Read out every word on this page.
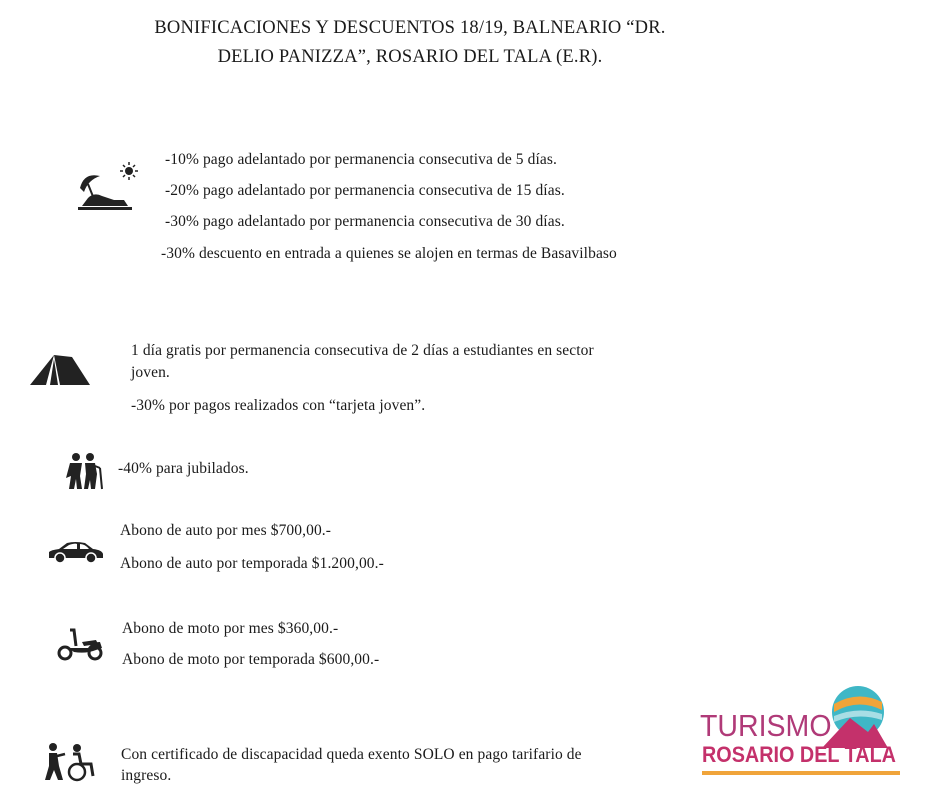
BONIFICACIONES Y DESCUENTOS 18/19, BALNEARIO “DR.
DELIO PANIZZA”, ROSARIO DEL TALA (E.R).
-10% pago adelantado por permanencia consecutiva de 5 días.
-20% pago adelantado por permanencia consecutiva de 15 días.
-30% pago adelantado por permanencia consecutiva de 30 días.
-30% descuento en entrada a quienes se alojen en termas de Basavilbaso
1 día gratis por permanencia consecutiva de 2 días a estudiantes en sector
joven.
-30% por pagos realizados con “tarjeta joven”.
-40% para jubilados.
Abono de auto por mes $700,00.-
Abono de auto por temporada $1.200,00.-
Abono de moto por mes $360,00.-
Abono de moto por temporada $600,00.-
Con certificado de discapacidad queda exento SOLO en pago tarifario de
ingreso.
TURISMO
ROSARIO DEL TALA
